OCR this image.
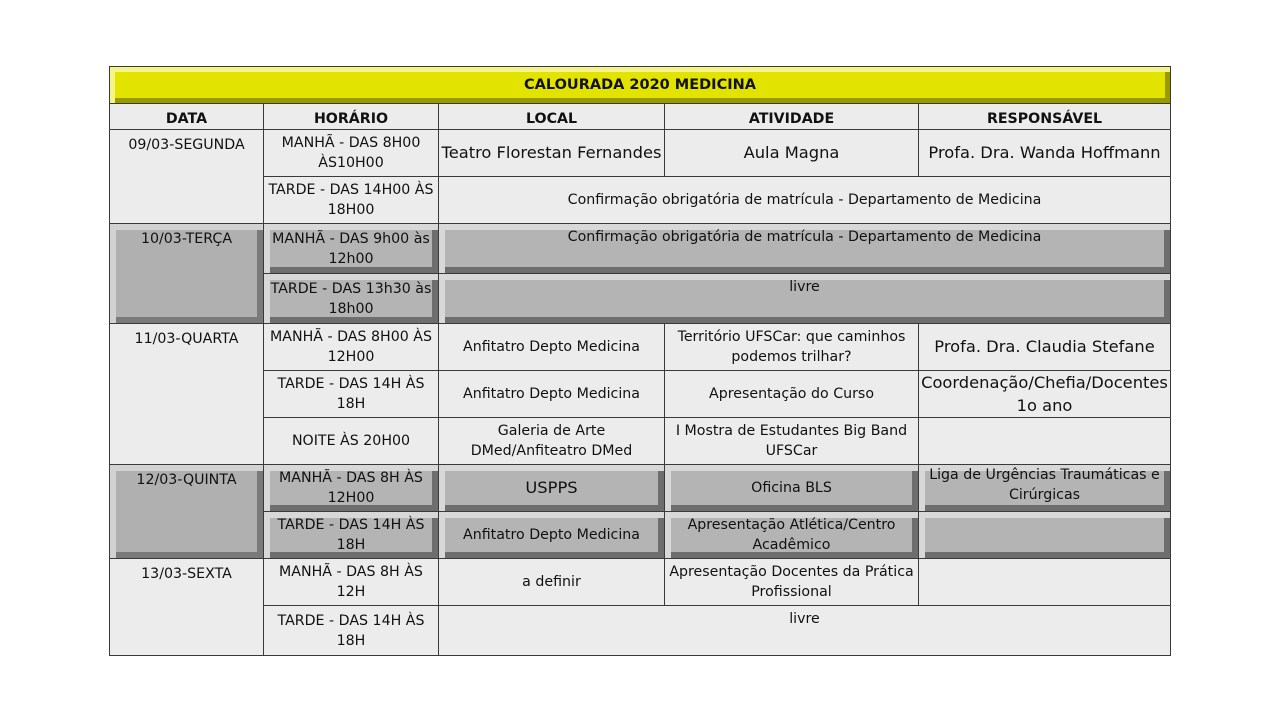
CALOURADA 2020 MEDICINA				
DATA	HORÁRIO	LOCAL	ATIVIDADE	RESPONSÁVEL
09/03-SEGUNDA	MANHÃ - DAS 8H00 ÀS10H00	Teatro Florestan Fernandes	Aula Magna	Profa. Dra. Wanda Hoffmann
	TARDE - DAS 14H00 ÀS 18H00	Confirmação obrigatória de matrícula - Departamento de Medicina		
10/03-TERÇA	MANHÃ - DAS 9h00 às 12h00	Confirmação obrigatória de matrícula - Departamento de Medicina		
	TARDE - DAS 13h30 às 18h00	livre		
11/03-QUARTA	MANHÃ - DAS 8H00 ÀS 12H00	Anfitatro Depto Medicina	Território UFSCar: que caminhos podemos trilhar?	Profa. Dra. Claudia Stefane
	TARDE - DAS 14H ÀS 18H	Anfitatro Depto Medicina	Apresentação do Curso	Coordenação/Chefia/Docentes 1o ano
	NOITE ÀS 20H00	Galeria de Arte DMed/Anfiteatro DMed	I Mostra de Estudantes Big Band UFSCar	
12/03-QUINTA	MANHÃ - DAS 8H ÀS 12H00	USPPS	Oficina BLS	Liga de Urgências Traumáticas e Cirúrgicas
	TARDE - DAS 14H ÀS 18H	Anfitatro Depto Medicina	Apresentação Atlética/Centro Acadêmico	
13/03-SEXTA	MANHÃ - DAS 8H ÀS 12H	a definir	Apresentação Docentes da Prática Profissional	
	TARDE - DAS 14H ÀS 18H	livre		
